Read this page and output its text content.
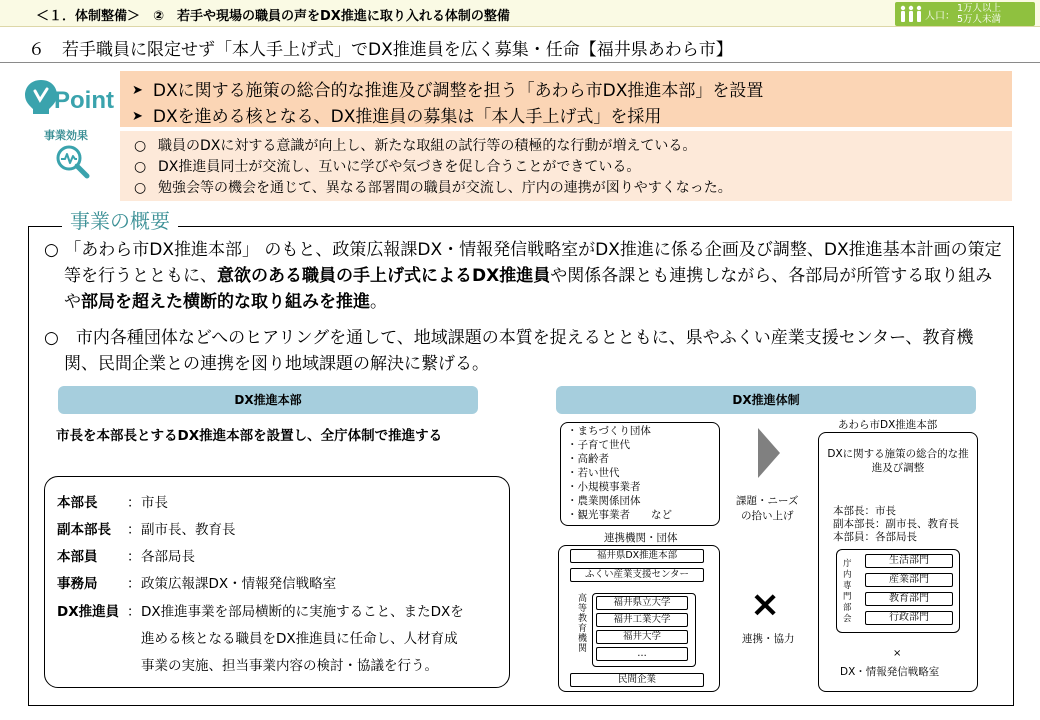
＜１．体制整備＞　②　若手や現場の職員の声をDX推進に取り入れる体制の整備	人口：
1万人以上
5万人未満
６　若手職員に限定せず「本人手上げ式」でDX推進員を広く募集・任命【福井県あわら市】
Point
事業効果
➤ DXに関する施策の総合的な推進及び調整を担う「あわら市DX推進本部」を設置
➤ DXを進める核となる、DX推進員の募集は「本人手上げ式」を採用
○ 職員のDXに対する意識が向上し、新たな取組の試行等の積極的な行動が増えている。
○ DX推進員同士が交流し、互いに学びや気づきを促し合うことができている。
○ 勉強会等の機会を通じて、異なる部署間の職員が交流し、庁内の連携が図りやすくなった。
事業の概要
○ 「あわら市DX推進本部」 のもと、政策広報課DX・情報発信戦略室がDX推進に係る企画及び調整、DX推進基本計画の策定等を行うとともに、意欲のある職員の手上げ式によるDX推進員や関係各課とも連携しながら、各部局が所管する取り組みや部局を超えた横断的な取り組みを推進。
○　市内各種団体などへのヒアリングを通して、地域課題の本質を捉えるとともに、県やふくい産業支援センター、教育機関、民間企業との連携を図り地域課題の解決に繋げる。
DX推進本部
市長を本部長とするDX推進本部を設置し、全庁体制で推進する
本部長 ：市長
副本部長 ：副市長、教育長
本部員 ：各部局長
事務局 ：政策広報課DX・情報発信戦略室
DX推進員 ：DX推進事業を部局横断的に実施すること、またDXを
進める核となる職員をDX推進員に任命し、人材育成
事業の実施、担当事業内容の検討・協議を行う。
DX推進体制
・まちづくり団体
・子育て世代
・高齢者
・若い世代
・小規模事業者
・農業関係団体
・観光事業者　　など
課題・ニーズ
の拾い上げ
連携機関・団体
福井県DX推進本部
ふくい産業支援センター
高等教育機関
福井県立大学
福井工業大学
福井大学
…
民間企業
×
連携・協力
あわら市DX推進本部
DXに関する施策の総合的な推進及び調整
本部長：市長
副本部長：副市長、教育長
本部員：各部局長
庁内専門部会
生活部門
産業部門
教育部門
行政部門
×
DX・情報発信戦略室
